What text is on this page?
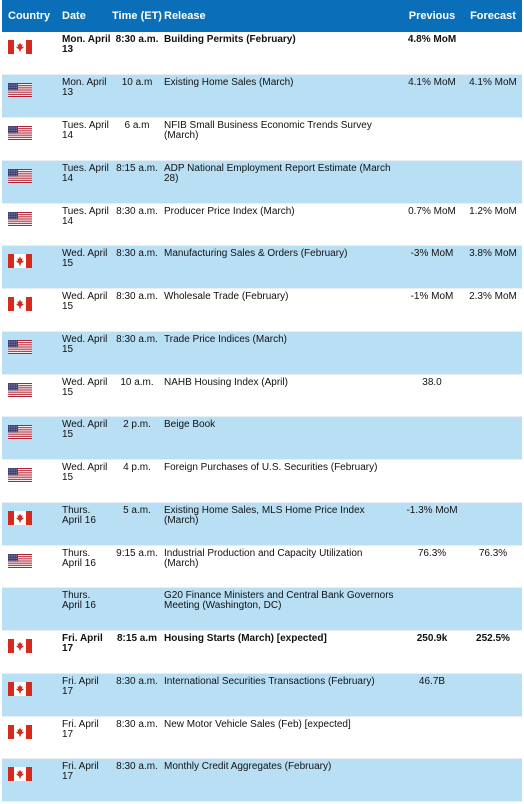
Country	Date	Time (ET)	Release	Previous	Forecast

	Mon. April 13	8:30 a.m.	Building Permits (February)	4.8% MoM	

	Mon. April 13	10 a.m	Existing Home Sales (March)	4.1% MoM	4.1% MoM

	Tues. April 14	6 a.m	NFIB Small Business Economic Trends Survey (March)		

	Tues. April 14	8:15 a.m.	ADP National Employment Report Estimate (March 28)		

	Tues. April 14	8:30 a.m.	Producer Price Index (March)	0.7% MoM	1.2% MoM

	Wed. April 15	8:30 a.m.	Manufacturing Sales & Orders (February)	-3% MoM	3.8% MoM

	Wed. April 15	8:30 a.m.	Wholesale Trade (February)	-1% MoM	2.3% MoM

	Wed. April 15	8:30 a.m.	Trade Price Indices (March)		

	Wed. April 15	10 a.m.	NAHB Housing Index (April)	38.0	

	Wed. April 15	2 p.m.	Beige Book		

	Wed. April 15	4 p.m.	Foreign Purchases of U.S. Securities (February)		

	Thurs. April 16	5 a.m.	Existing Home Sales, MLS Home Price Index (March)	-1.3% MoM	

	Thurs. April 16	9:15 a.m.	Industrial Production and Capacity Utilization (March)	76.3%	76.3%
	Thurs. April 16		G20 Finance Ministers and Central Bank Governors Meeting (Washington, DC)		

	Fri. April 17	8:15 a.m	Housing Starts (March) [expected]	250.9k	252.5%

	Fri. April 17	8:30 a.m.	International Securities Transactions (February)	46.7B	

	Fri. April 17	8:30 a.m.	New Motor Vehicle Sales (Feb) [expected]		

	Fri. April 17	8:30 a.m.	Monthly Credit Aggregates (February)		
